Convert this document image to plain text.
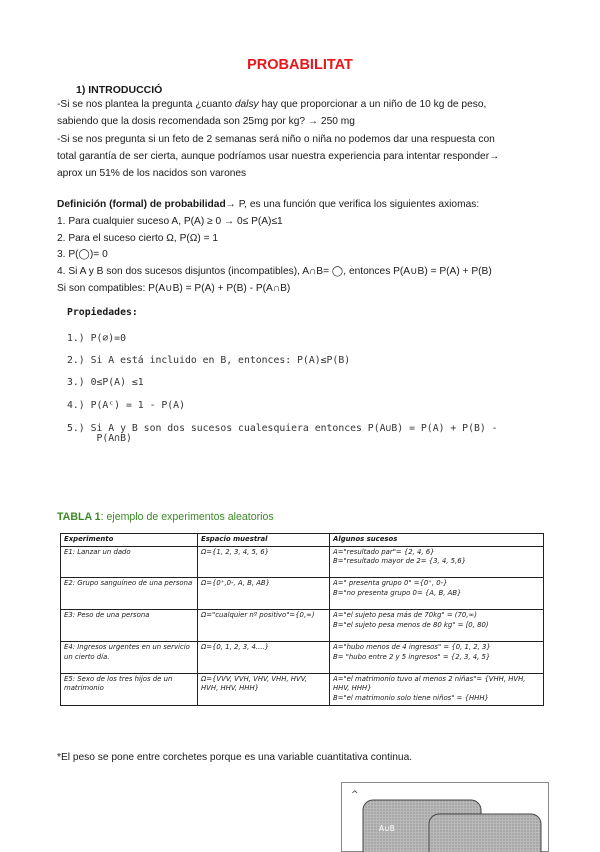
PROBABILITAT
1) INTRODUCCIÓ
-Si se nos plantea la pregunta ¿cuanto dalsy hay que proporcionar a un niño de 10 kg de peso,
sabiendo que la dosis recomendada son 25mg por kg? → 250 mg
-Si se nos pregunta si un feto de 2 semanas será niño o niña no podemos dar una respuesta con
total garantía de ser cierta, aunque podríamos usar nuestra experiencia para intentar responder→
aprox un 51% de los nacidos son varones
Definición (formal) de probabilidad→ P, es una función que verifica los siguientes axiomas:
1. Para cualquier suceso A, P(A) ≥ 0 → 0≤ P(A)≤1
2. Para el suceso cierto Ω, P(Ω) = 1
3. P(◯)= 0
4. Si A y B son dos sucesos disjuntos (incompatibles), A∩B= ◯, entonces P(A∪B) = P(A) + P(B)
Si son compatibles: P(A∪B) = P(A) + P(B) - P(A∩B)
Propiedades:
1.) P(∅)=0
2.) Si A está incluido en B, entonces: P(A)≤P(B)
3.) 0≤P(A) ≤1
4.) P(Aᶜ) = 1 - P(A)
5.) Si A y B son dos sucesos cualesquiera entonces P(A∪B) = P(A) + P(B) -
P(A∩B)
TABLA 1: ejemplo de experimentos aleatorios
Experimento	Espacio muestral	Algunos sucesos
E1: Lanzar un dado	Ω={1, 2, 3, 4, 5, 6}	A="resultado par"= {2, 4, 6}
B="resultado mayor de 2= {3, 4, 5,6}

E2: Grupo sanguíneo de una persona	Ω={0⁺,0-, A, B, AB}	A=" presenta grupo 0" ={0⁺, 0-}
B="no presenta grupo 0= {A, B, AB}

E3: Peso de una persona	Ω="cualquier nº positivo"={0,∞)	A="el sujeto pesa más de 70kg" = (70,∞)
B="el sujeto pesa menos de 80 kg" = [0, 80)

E4: Ingresos urgentes en un servicio un cierto día.	Ω={0, 1, 2, 3, 4....}	A="hubo menos de 4 ingresos" = {0, 1, 2, 3}
B= "hubo entre 2 y 5 ingresos" = {2, 3, 4, 5}

E5: Sexo de los tres hijos de un matrimonio	Ω={VVV, VVH, VHV, VHH, HVV, HVH, HHV, HHH}	A="el matrimonio tuvo al menos 2 niñas"= {VHH, HVH, HHV, HHH}
B="el matrimonio solo tiene niños" = {HHH}
*El peso se pone entre corchetes porque es una variable cuantitativa continua.
^
A∪B
